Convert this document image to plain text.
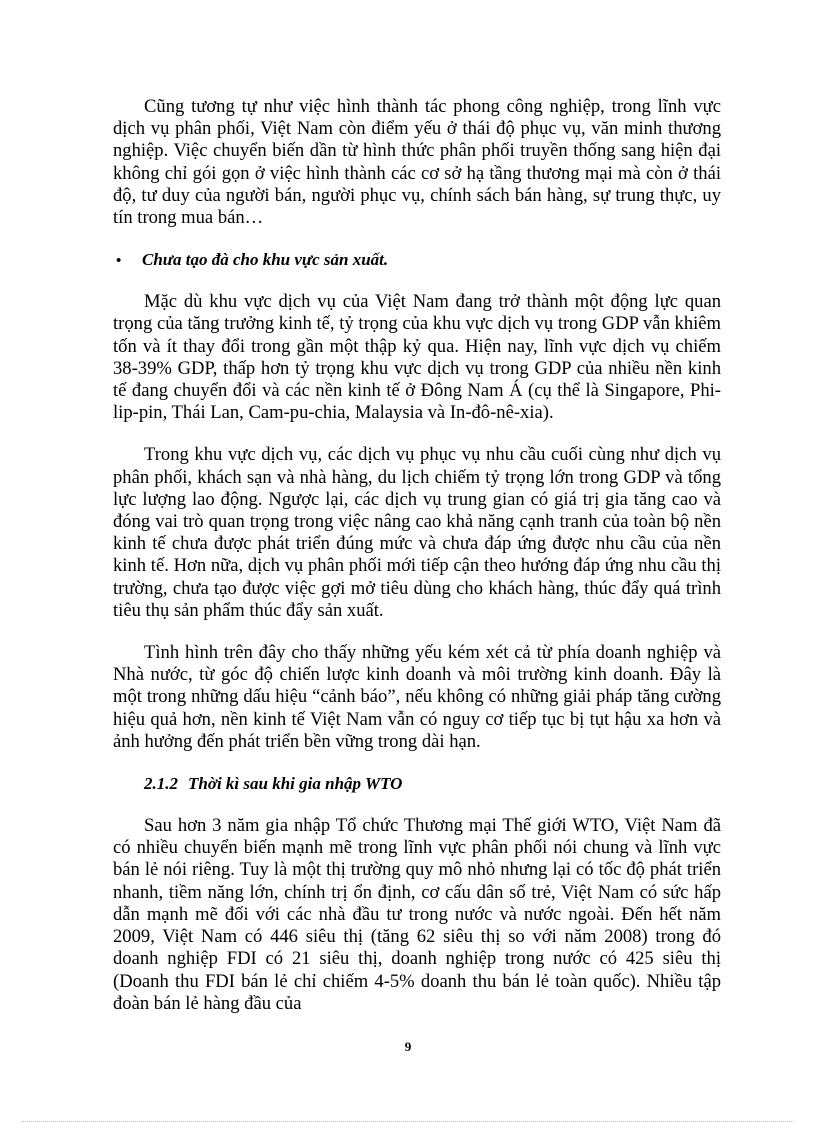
Cũng tương tự như việc hình thành tác phong công nghiệp, trong lĩnh vực dịch vụ phân phối, Việt Nam còn điểm yếu ở thái độ phục vụ, văn minh thương nghiệp. Việc chuyển biến dần từ hình thức phân phối truyền thống sang hiện đại không chỉ gói gọn ở việc hình thành các cơ sở hạ tầng thương mại mà còn ở thái độ, tư duy của người bán, người phục vụ, chính sách bán hàng, sự trung thực, uy tín trong mua bán…

•	Chưa tạo đà cho khu vực sản xuất.

Mặc dù khu vực dịch vụ của Việt Nam đang trở thành một động lực quan trọng của tăng trưởng kinh tế, tỷ trọng của khu vực dịch vụ trong GDP vẫn khiêm tốn và ít thay đổi trong gần một thập kỷ qua. Hiện nay, lĩnh vực dịch vụ chiếm 38-39% GDP, thấp hơn tỷ trọng khu vực dịch vụ trong GDP của nhiều nền kinh tế đang chuyển đổi và các nền kinh tế ở Đông Nam Á (cụ thể là Singapore, Phi-lip-pin, Thái Lan, Cam-pu-chia, Malaysia và In-đô-nê-xia).

Trong khu vực dịch vụ, các dịch vụ phục vụ nhu cầu cuối cùng như dịch vụ phân phối, khách sạn và nhà hàng, du lịch chiếm tỷ trọng lớn trong GDP và tổng lực lượng lao động. Ngược lại, các dịch vụ trung gian có giá trị gia tăng cao và đóng vai trò quan trọng trong việc nâng cao khả năng cạnh tranh của toàn bộ nền kinh tế chưa được phát triển đúng mức và chưa đáp ứng được nhu cầu của nền kinh tế. Hơn nữa, dịch vụ phân phối mới tiếp cận theo hướng đáp ứng nhu cầu thị trường, chưa tạo được việc gợi mở tiêu dùng cho khách hàng, thúc đẩy quá trình tiêu thụ sản phẩm thúc đẩy sản xuất.

Tình hình trên đây cho thấy những yếu kém xét cả từ phía doanh nghiệp và Nhà nước, từ góc độ chiến lược kinh doanh và môi trường kinh doanh. Đây là một trong những dấu hiệu “cảnh báo”, nếu không có những giải pháp tăng cường hiệu quả hơn, nền kinh tế Việt Nam vẫn có nguy cơ tiếp tục bị tụt hậu xa hơn và ảnh hưởng đến phát triển bền vững trong dài hạn.

2.1.2 Thời kì sau khi gia nhập WTO

Sau hơn 3 năm gia nhập Tổ chức Thương mại Thế giới WTO, Việt Nam đã có nhiều chuyển biến mạnh mẽ trong lĩnh vực phân phối nói chung và lĩnh vực bán lẻ nói riêng. Tuy là một thị trường quy mô nhỏ nhưng lại có tốc độ phát triển nhanh, tiềm năng lớn, chính trị ổn định, cơ cấu dân số trẻ, Việt Nam có sức hấp dẫn mạnh mẽ đối với các nhà đầu tư trong nước và nước ngoài. Đến hết năm 2009, Việt Nam có 446 siêu thị (tăng 62 siêu thị so với năm 2008) trong đó doanh nghiệp FDI có 21 siêu thị, doanh nghiệp trong nước có 425 siêu thị (Doanh thu FDI bán lẻ chỉ chiếm 4-5% doanh thu bán lẻ toàn quốc). Nhiều tập đoàn bán lẻ hàng đầu của

9
